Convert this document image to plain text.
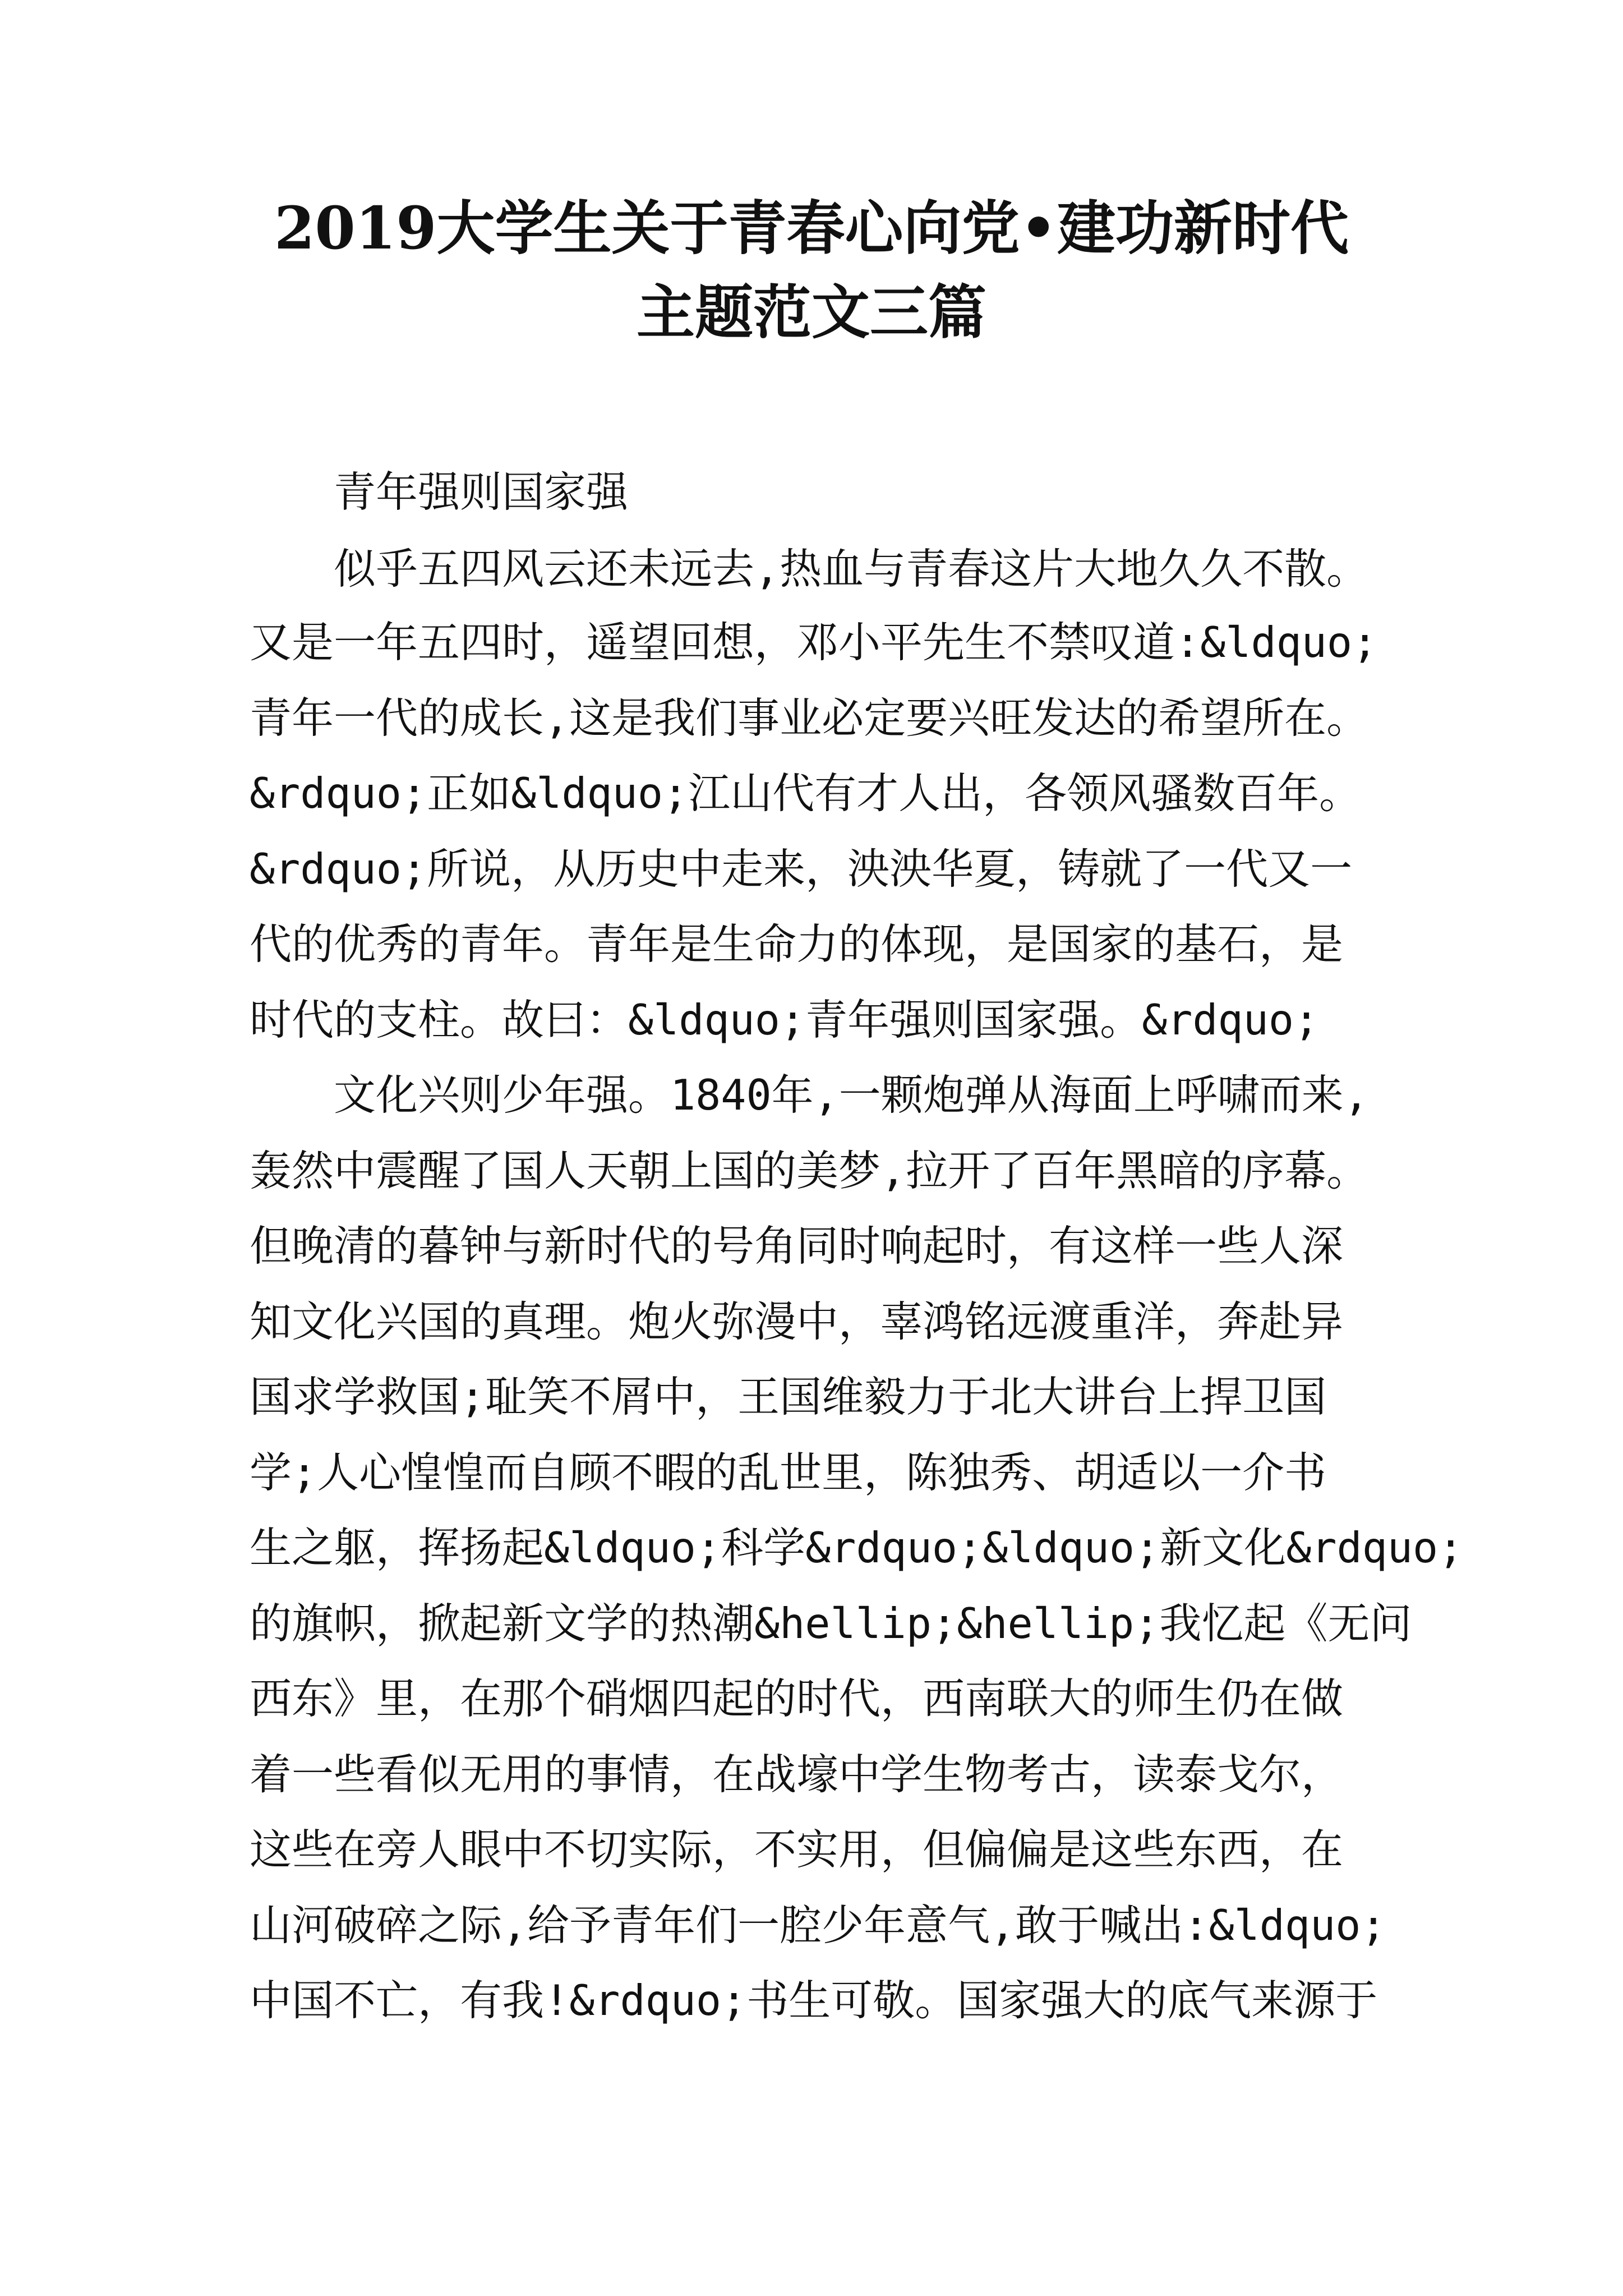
2019大学生关于青春心向党•建功新时代
主题范文三篇
青年强则国家强
似乎五四风云还未远去,热血与青春这片大地久久不散。
又是一年五四时，遥望回想，邓小平先生不禁叹道:&ldquo;
青年一代的成长,这是我们事业必定要兴旺发达的希望所在。
&rdquo;正如&ldquo;江山代有才人出，各领风骚数百年。
&rdquo;所说，从历史中走来，泱泱华夏，铸就了一代又一
代的优秀的青年。青年是生命力的体现，是国家的基石，是
时代的支柱。故曰：&ldquo;青年强则国家强。&rdquo;
文化兴则少年强。1840年,一颗炮弹从海面上呼啸而来,
轰然中震醒了国人天朝上国的美梦,拉开了百年黑暗的序幕。
但晚清的暮钟与新时代的号角同时响起时，有这样一些人深
知文化兴国的真理。炮火弥漫中，辜鸿铭远渡重洋，奔赴异
国求学救国;耻笑不屑中，王国维毅力于北大讲台上捍卫国
学;人心惶惶而自顾不暇的乱世里，陈独秀、胡适以一介书
生之躯，挥扬起&ldquo;科学&rdquo;&ldquo;新文化&rdquo;
的旗帜，掀起新文学的热潮&hellip;&hellip;我忆起《无问
西东》里，在那个硝烟四起的时代，西南联大的师生仍在做
着一些看似无用的事情，在战壕中学生物考古，读泰戈尔，
这些在旁人眼中不切实际，不实用，但偏偏是这些东西，在
山河破碎之际,给予青年们一腔少年意气,敢于喊出:&ldquo;
中国不亡，有我!&rdquo;书生可敬。国家强大的底气来源于
